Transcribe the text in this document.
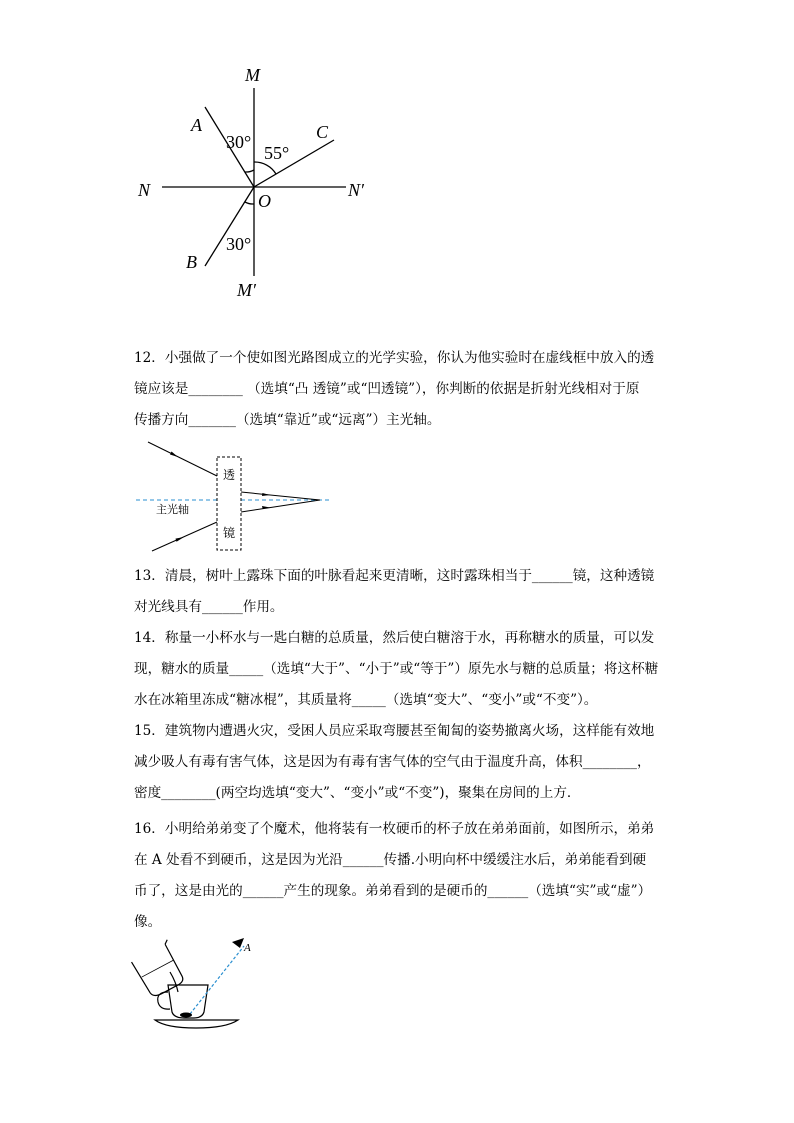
M
A
30°
55°
C
N
O
N′
30°
B
M′

12．小强做了一个使如图光路图成立的光学实验，你认为他实验时在虚线框中放入的透

镜应该是________ （选填“凸 透镜”或“凹透镜”），你判断的依据是折射光线相对于原

传播方向_______（选填“靠近”或“远离”）主光轴。

透
镜
主光轴

13．清晨，树叶上露珠下面的叶脉看起来更清晰，这时露珠相当于______镜，这种透镜

对光线具有______作用。

14．称量一小杯水与一匙白糖的总质量，然后使白糖溶于水，再称糖水的质量，可以发

现，糖水的质量_____（选填“大于”、“小于”或“等于”）原先水与糖的总质量；将这杯糖

水在冰箱里冻成“糖冰棍”，其质量将_____（选填“变大”、“变小”或“不变”）。

15．建筑物内遭遇火灾，受困人员应采取弯腰甚至匍匐的姿势撤离火场，这样能有效地

减少吸人有毒有害气体，这是因为有毒有害气体的空气由于温度升高，体积________，

密度________(两空均选填“变大”、“变小”或“不变”)，聚集在房间的上方．

16．小明给弟弟变了个魔术，他将装有一枚硬币的杯子放在弟弟面前，如图所示，弟弟

在 A 处看不到硬币，这是因为光沿______传播.小明向杯中缓缓注水后，弟弟能看到硬

币了，这是由光的______产生的现象。弟弟看到的是硬币的______（选填“实”或“虚”）

像。

A
